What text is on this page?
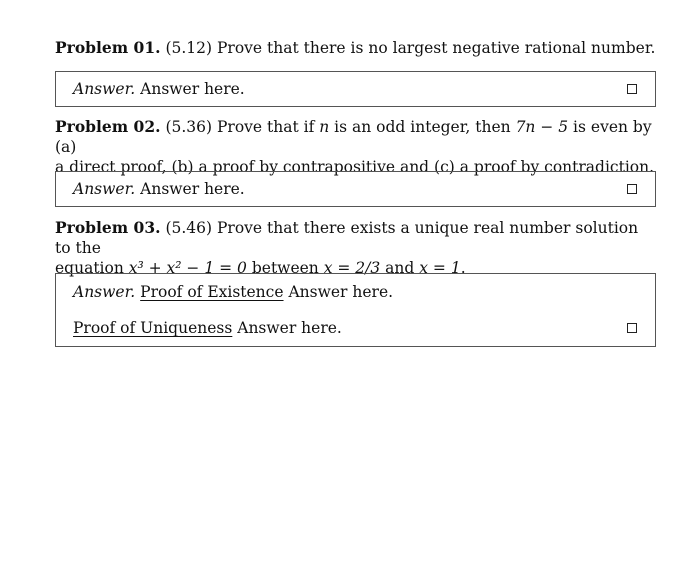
Problem 01. (5.12) Prove that there is no largest negative rational number.
Answer. Answer here.
Problem 02. (5.36) Prove that if n is an odd integer, then 7n − 5 is even by (a)
a direct proof, (b) a proof by contrapositive and (c) a proof by contradiction.
Answer. Answer here.
Problem 03. (5.46) Prove that there exists a unique real number solution to the
equation x³ + x² − 1 = 0 between x = 2/3 and x = 1.
Answer. Proof of Existence Answer here.
Proof of Uniqueness Answer here.
